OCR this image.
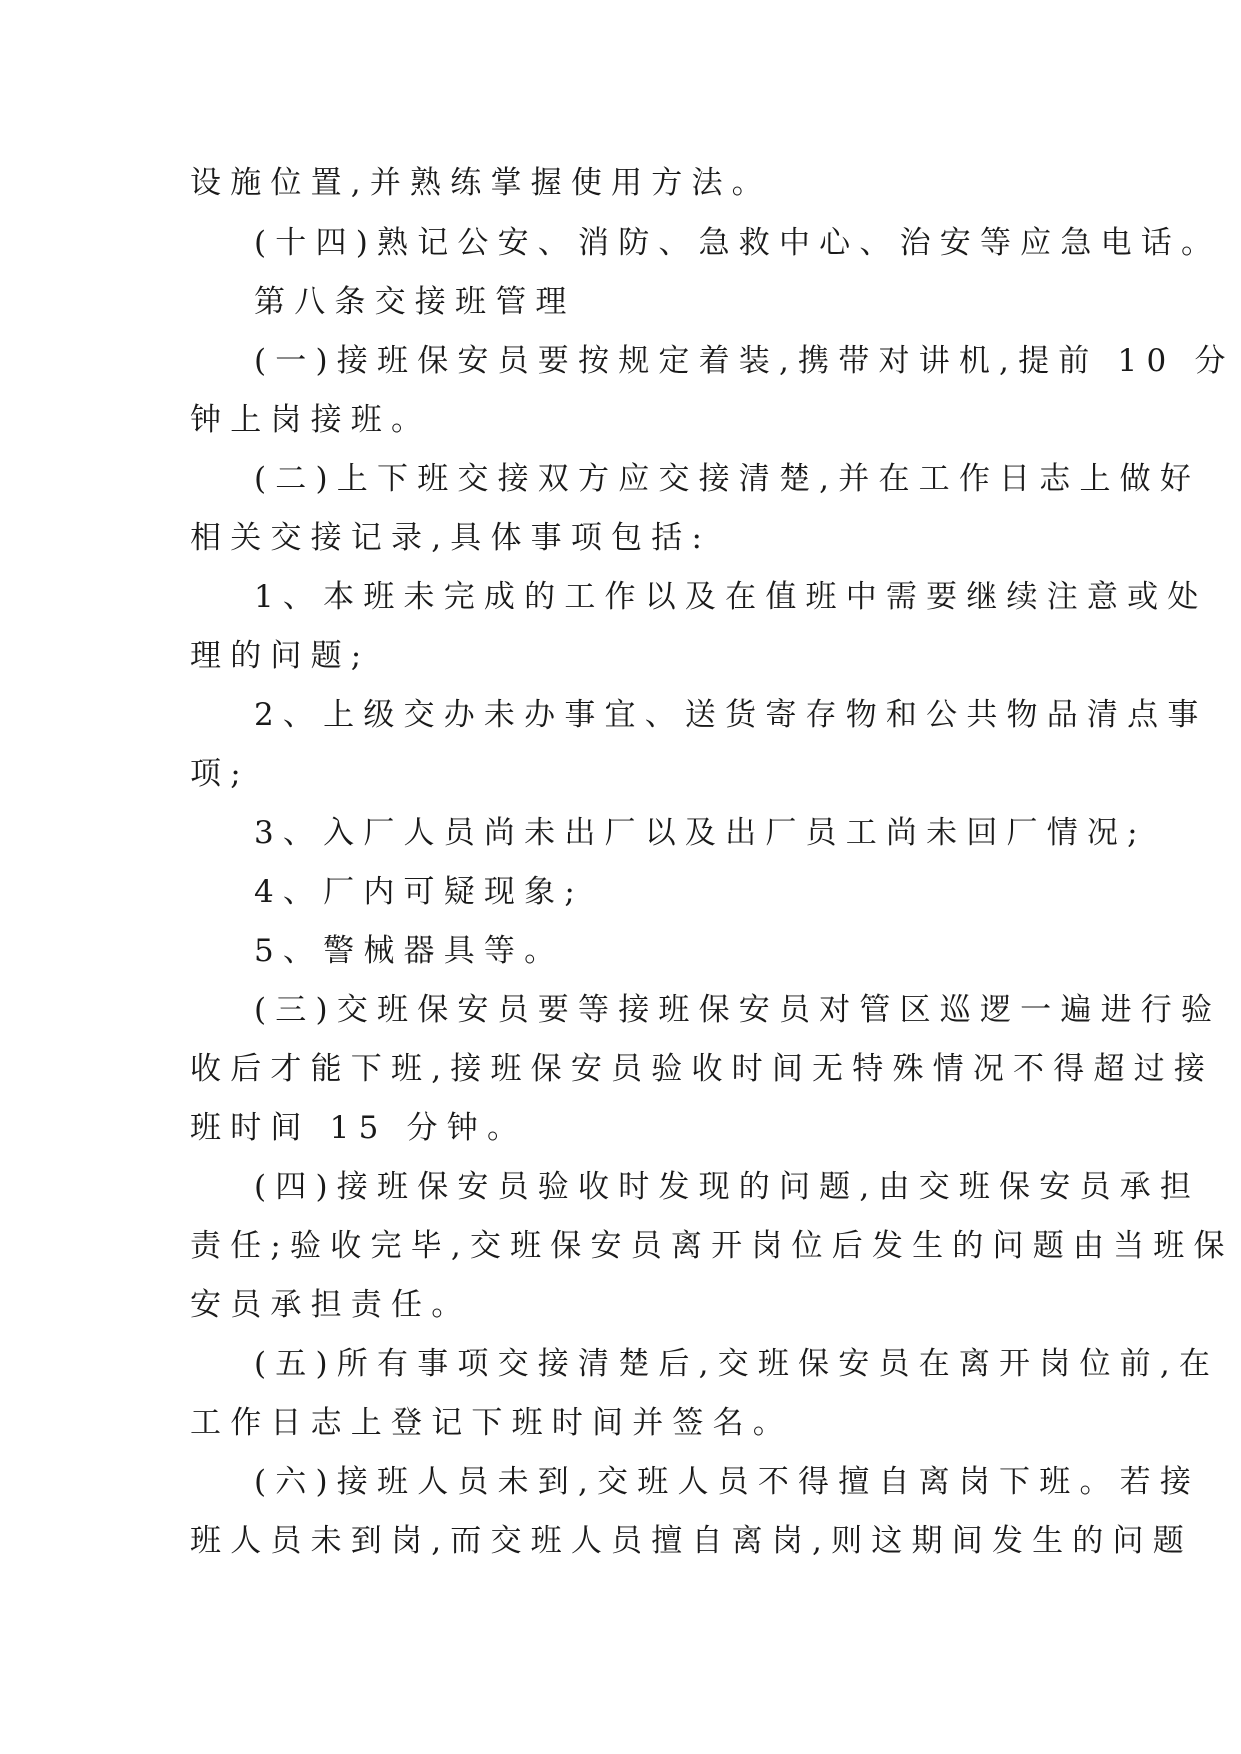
设施位置,并熟练掌握使用方法。
(十四)熟记公安、消防、急救中心、治安等应急电话。
第八条交接班管理
(一)接班保安员要按规定着装,携带对讲机,提前 10 分
钟上岗接班。
(二)上下班交接双方应交接清楚,并在工作日志上做好
相关交接记录,具体事项包括:
1、本班未完成的工作以及在值班中需要继续注意或处
理的问题;
2、上级交办未办事宜、送货寄存物和公共物品清点事
项;
3、入厂人员尚未出厂以及出厂员工尚未回厂情况;
4、厂内可疑现象;
5、警械器具等。
(三)交班保安员要等接班保安员对管区巡逻一遍进行验
收后才能下班,接班保安员验收时间无特殊情况不得超过接
班时间 15 分钟。
(四)接班保安员验收时发现的问题,由交班保安员承担
责任;验收完毕,交班保安员离开岗位后发生的问题由当班保
安员承担责任。
(五)所有事项交接清楚后,交班保安员在离开岗位前,在
工作日志上登记下班时间并签名。
(六)接班人员未到,交班人员不得擅自离岗下班。若接
班人员未到岗,而交班人员擅自离岗,则这期间发生的问题
